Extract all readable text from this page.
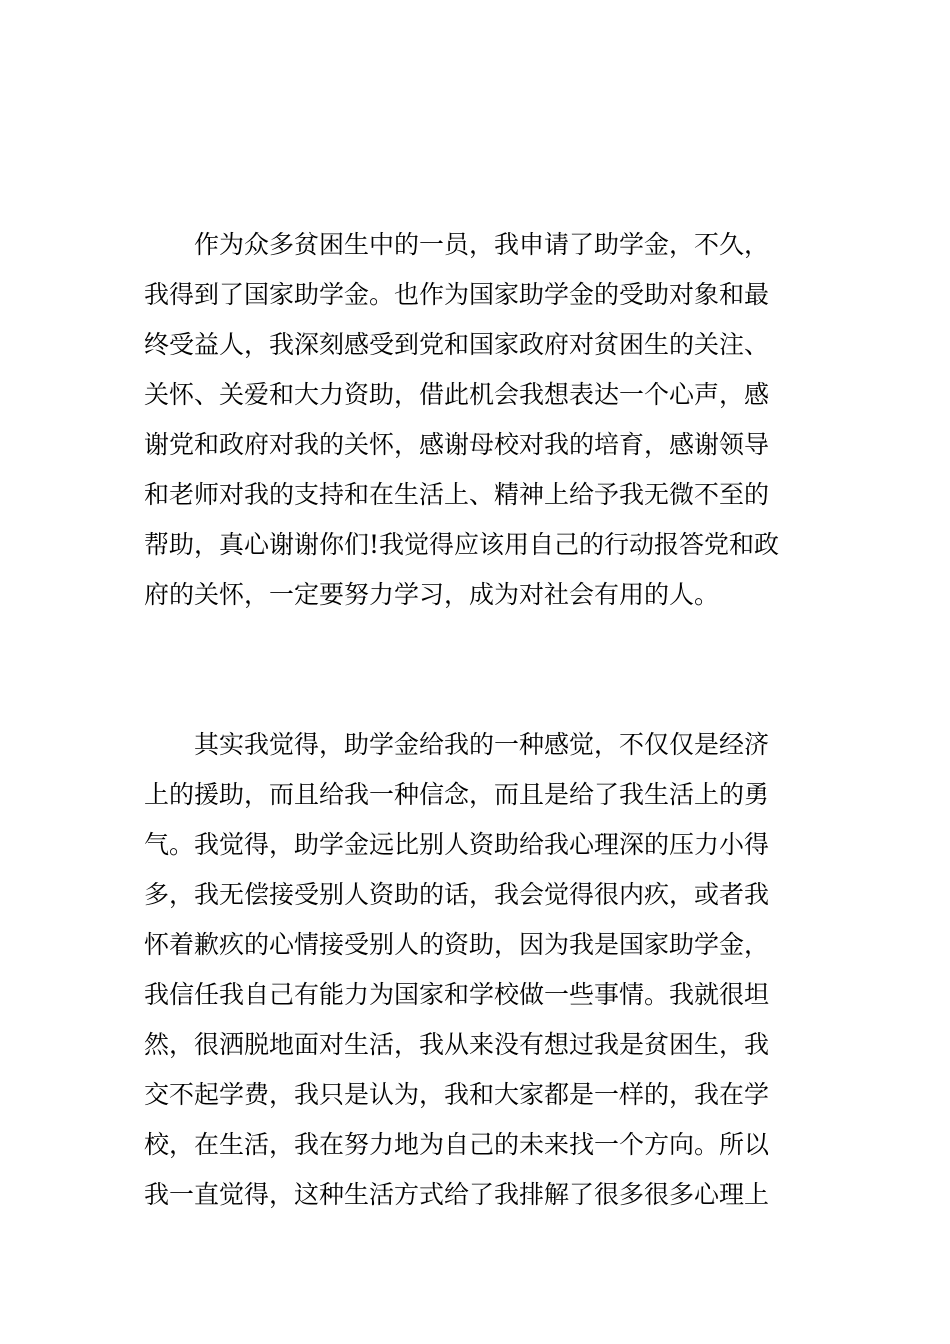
作为众多贫困生中的一员，我申请了助学金，不久，
我得到了国家助学金。也作为国家助学金的受助对象和最
终受益人，我深刻感受到党和国家政府对贫困生的关注、
关怀、关爱和大力资助，借此机会我想表达一个心声，感
谢党和政府对我的关怀，感谢母校对我的培育，感谢领导
和老师对我的支持和在生活上、精神上给予我无微不至的
帮助，真心谢谢你们!我觉得应该用自己的行动报答党和政
府的关怀，一定要努力学习，成为对社会有用的人。
其实我觉得，助学金给我的一种感觉，不仅仅是经济
上的援助，而且给我一种信念，而且是给了我生活上的勇
气。我觉得，助学金远比别人资助给我心理深的压力小得
多，我无偿接受别人资助的话，我会觉得很内疚，或者我
怀着歉疚的心情接受别人的资助，因为我是国家助学金，
我信任我自己有能力为国家和学校做一些事情。我就很坦
然，很洒脱地面对生活，我从来没有想过我是贫困生，我
交不起学费，我只是认为，我和大家都是一样的，我在学
校，在生活，我在努力地为自己的未来找一个方向。所以
我一直觉得，这种生活方式给了我排解了很多很多心理上
